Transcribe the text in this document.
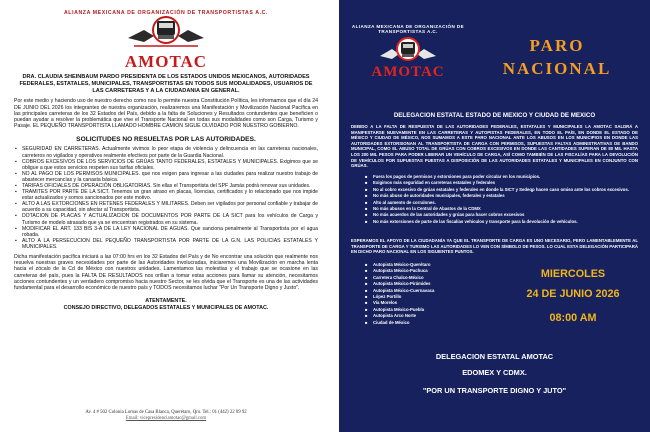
ALIANZA MEXICANA DE ORGANIZACIÓN DE TRANSPORTISTAS A.C.
AMOTAC
DRA. CLAUDIA SHEINBAUM PARDO PRESIDENTA DE LOS ESTADOS UNIDOS MEXICANOS, AUTORIDADES FEDERALES, ESTATALES, MUNICIPALES, TRANSPORTISTAS EN TODOS SUS MODALIDADES, USUARIOS DE LAS CARRETERAS Y A LA CIUDADANIA EN GENERAL.
Por este medio y haciendo uso de nuestro derecho como nos lo permite nuestra Constitución Política, les informamos que el día 24 DE JUNIO DEL 2026 los integrantes de nuestra organización, realizaremos una Manifestación y Movilización Nacional Pacífica en las principales carreteras de los 32 Estados del País, debido a la falta de Soluciones y Resultados contundentes que beneficien o puedan ayudar a resolver la problemática que vive el Transporte Nacional en todas sus modalidades como son Carga, Turismo y Pasaje. EL PEQUEÑO TRANSPORTISTA LLAMADO HOMBRE CAMION SIGUE OLVIDADO POR NUESTRO GOBIERNO.
SOLICITUDES NO RESUELTAS POR LAS AUTORIDADES.
▪ SEGURIDAD EN CARRETERAS. Actualmente vivimos lo peor etapa de violencia y delincuencia en las carreteras nacionales, carreteros no vigilados y operativos realmente efectivos por parte de la Guardia Nacional.
▪ COBROS EXCESIVOS DE LOS SERVICIOS DE GRÚAS TANTO FEDERALES, ESTATALES Y MUNICIPALES. Exigimos que se obligue a que estos servicios respeten sus tarifas oficiales.
▪ NO AL PAGO DE LOS PERMISOS MUNICIPALES. que nos exigen para ingresar a las ciudades para realizar nuestro trabajo de abastecer mercancías y la canasta básica.
▪ TARIFAS OFICIALES DE OPERACIÓN OBLIGATORIAS. Sin ellas el Transportista del SPF Jamás podrá renovar sus unidades.
▪ TRAMITES POR PARTE DE LA SICT. Tenemos un gran atraso en placas, licencias, certificados y lo relacionado que nos impide estar actualizados y somos sancionados por este motivo.
▪ ALTO A LAS EXTORCIONES EN RETENES FEDERALES Y MILITARES. Deben ser vigilados por personal confiable y trabajar de acuerdo a su capacidad, sin afectar al Transportista.
▪ DOTACION DE PLACAS Y ACTUALIZACION DE DOCUMENTOS POR PARTE DE LA SICT para los vehículos de Carga y Turismo de modelo atrasado que ya se encuentran registrados en su sistema.
▪ MODIFICAR EL ART. 133 BIS 3-A DE LA LEY NACIONAL DE AGUAS. Que sanciona penalmente al Transportista por el agua robada.
▪ ALTO A LA PERSECUCION DEL PEQUEÑO TRANSPORTISTA POR PARTE DE LA G.N. LAS POLICIAS ESTATALES Y MUNICIPALES.
Dicha manifestación pacífica iniciará a las 07:00 hrs en los 32 Estados del País y de No encontrar una solución que realmente nos resuelva nuestras graves necesidades por parte de las Autoridades involucradas, iniciaremos una Movilización en marcha lenta hacia el zócalo de la Cd de México con nuestros unidades. Lamentamos las molestias y el trabajo que se ocasione en las carreteras del país, pues la FALTA DE RESULTADOS nos orillan a tomar estas acciones para llamar su atención, necesitamos acciones contundentes y un verdadero compromiso hacia nuestro Sector, se les olvida que el Transporte es una de las actividades fundamental para el desarrollo económico de nuestro país y TODOS necesitamos luchar "Por Un Transporte Digno y Justo".
ATENTAMENTE.
CONSEJO DIRECTIVO, DELEGADOS ESTATALES Y MUNICIPALES DE AMOTAC.
Av. 4 # 502 Colonia Lomas de Casa Blanca, Querétaro, Qro. Tel.: 01 (442) 22 09 92
Email: vicepresidenciamotac@gmail.com
ALIANZA MEXICANA DE ORGANIZACIÓN DE TRANSPORTISTAS A.C.
AMOTAC
PARO
NACIONAL
DELEGACION ESTATAL ESTADO DE MEXICO Y CIUDAD DE MEXICO
DEBIDO A LA FALTA DE RESPUESTA DE LAS AUTORIDADES FEDERALES, ESTATALES Y MUNICIPALES LA AMOTAC SALDRÁ A MANIFESTARSE NUEVAMENTE EN LAS CARRETERAS Y AUTOPISTAS FEDERALES, EN TODO EL PAÍS, EN DONDE EL ESTADO DE MÉXICO Y CIUDAD DE MÉXICO, NOS SUMAMOS A ESTE PARO NACIONAL ANTE LOS ABUSOS EN LOS MUNICIPIOS EN DONDE LAS AUTORIDADES EXTORSIONAN AL TRANSPORTISTA DE CARGA CON PERMISOS, SUPUESTAS FALTAS ADMINISTRATIVAS DE BANDO MUNICIPAL, COMO EL ABUSO TOTAL DE GRÚAS CON COBROS EXCESIVOS EN DONDE LAS CANTIDADES SUPERAN DE 80 MIL HASTA LOS 200 MIL PESOS PARA PODER LIBERAR UN VEHÍCULO DE CARGA, ASÍ COMO TAMBIÉN DE LAS FISCALÍAS PARA LA DEVOLUCIÓN DE VEHÍCULOS POR SUPUESTAS PUESTAS A DISPOSICIÓN DE LAS AUTORIDADES ESTATALES Y MUNICIPALES EN CONJUNTO CON GRÚAS.
■ Fuera los pagos de permisos y extorsiones para poder circular en los municipios.
■ Exigimos más seguridad en carreteras estatales y federales
■ No al cobro excesivo de grúas estatales y federales en donde la SICT y Sedeqp hacen caso omiso ante los cobros excesivos.
■ No más abuso de autoridades municipales, federales y estatales
■ Alto al aumento de corralones.
■ No más abusos en la Central de Abastos de la CDMX
■ No más acuerdos de las autoridades y grúas para hacer cobros excesivos
■ No más extorsiones de parte de las fiscalías vehiculos y transporte para la devolución de vehículos.
ESPERAMOS EL APOYO DE LA CIUDADANÍA YA QUE EL TRANSPORTE DE CARGA ES UNO NECESARIO, PERO LAMENTABLEMENTE AL TRANSPORTE DE CARGA Y TURISMO LAS AUTORIDADES LO VEN CON SÍMBOLO DE PESOS. LO CUAL ESTA DELEGACIÓN PARTICIPARÁ EN DICHO PARO NACIONAL EN LOS SIGUIENTES PUNTOS.
■ Autopista México-Querétaro
■ Autopista México-Pachuca
■ Carretera Chalco-México
■ Autopista México-Pirámides
■ Autopista México-Cuernavaca
■ López Portillo
■ Vía Morelos
■ Autopista México-Puebla
■ Autopista Arco Norte
■ Ciudad de México
MIERCOLES
24 DE JUNIO 2026
08:00 AM
DELEGACION ESTATAL AMOTAC
EDOMEX Y CDMX.
"POR UN TRANSPORTE DIGNO Y JUTO"
